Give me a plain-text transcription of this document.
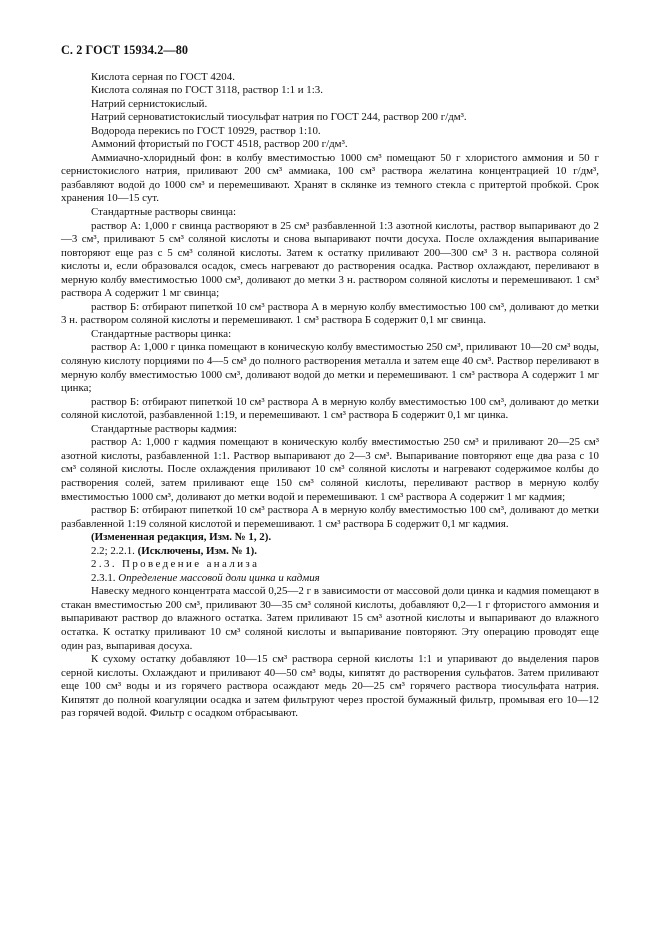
С. 2 ГОСТ 15934.2—80

Кислота серная по ГОСТ 4204.

Кислота соляная по ГОСТ 3118, раствор 1:1 и 1:3.

Натрий сернистокислый.

Натрий серноватистокислый тиосульфат натрия по ГОСТ 244, раствор 200 г/дм³.

Водорода перекись по ГОСТ 10929, раствор 1:10.

Аммоний фтористый по ГОСТ 4518, раствор 200 г/дм³.

Аммиачно-хлоридный фон: в колбу вместимостью 1000 см³ помещают 50 г хлористого аммония и 50 г сернистокислого натрия, приливают 200 см³ аммиака, 100 см³ раствора желатина концентрацией 10 г/дм³, разбавляют водой до 1000 см³ и перемешивают. Хранят в склянке из темного стекла с притертой пробкой. Срок хранения 10—15 сут.

Стандартные растворы свинца:

раствор А: 1,000 г свинца растворяют в 25 см³ разбавленной 1:3 азотной кислоты, раствор выпаривают до 2—3 см³, приливают 5 см³ соляной кислоты и снова выпаривают почти досуха. После охлаждения выпаривание повторяют еще раз с 5 см³ соляной кислоты. Затем к остатку приливают 200—300 см³ 3 н. раствора соляной кислоты и, если образовался осадок, смесь нагревают до растворения осадка. Раствор охлаждают, переливают в мерную колбу вместимостью 1000 см³, доливают до метки 3 н. раствором соляной кислоты и перемешивают. 1 см³ раствора А содержит 1 мг свинца;

раствор Б: отбирают пипеткой 10 см³ раствора А в мерную колбу вместимостью 100 см³, доливают до метки 3 н. раствором соляной кислоты и перемешивают. 1 см³ раствора Б содержит 0,1 мг свинца.

Стандартные растворы цинка:

раствор А: 1,000 г цинка помещают в коническую колбу вместимостью 250 см³, приливают 10—20 см³ воды, соляную кислоту порциями по 4—5 см³ до полного растворения металла и затем еще 40 см³. Раствор переливают в мерную колбу вместимостью 1000 см³, доливают водой до метки и перемешивают. 1 см³ раствора А содержит 1 мг цинка;

раствор Б: отбирают пипеткой 10 см³ раствора А в мерную колбу вместимостью 100 см³, доливают до метки соляной кислотой, разбавленной 1:19, и перемешивают. 1 см³ раствора Б содержит 0,1 мг цинка.

Стандартные растворы кадмия:

раствор А: 1,000 г кадмия помещают в коническую колбу вместимостью 250 см³ и приливают 20—25 см³ азотной кислоты, разбавленной 1:1. Раствор выпаривают до 2—3 см³. Выпаривание повторяют еще два раза с 10 см³ соляной кислоты. После охлаждения приливают 10 см³ соляной кислоты и нагревают содержимое колбы до растворения солей, затем приливают еще 150 см³ соляной кислоты, переливают раствор в мерную колбу вместимостью 1000 см³, доливают до метки водой и перемешивают. 1 см³ раствора А содержит 1 мг кадмия;

раствор Б: отбирают пипеткой 10 см³ раствора А в мерную колбу вместимостью 100 см³, доливают до метки разбавленной 1:19 соляной кислотой и перемешивают. 1 см³ раствора Б содержит 0,1 мг кадмия.

(Измененная редакция, Изм. № 1, 2).

2.2; 2.2.1. (Исключены, Изм. № 1).

2.3. Проведение анализа

2.3.1. Определение массовой доли цинка и кадмия

Навеску медного концентрата массой 0,25—2 г в зависимости от массовой доли цинка и кадмия помещают в стакан вместимостью 200 см³, приливают 30—35 см³ соляной кислоты, добавляют 0,2—1 г фтористого аммония и выпаривают раствор до влажного остатка. Затем приливают 15 см³ азотной кислоты и выпаривают до влажного остатка. К остатку приливают 10 см³ соляной кислоты и выпаривание повторяют. Эту операцию проводят еще один раз, выпаривая досуха.

К сухому остатку добавляют 10—15 см³ раствора серной кислоты 1:1 и упаривают до выделения паров серной кислоты. Охлаждают и приливают 40—50 см³ воды, кипятят до растворения сульфатов. Затем приливают еще 100 см³ воды и из горячего раствора осаждают медь 20—25 см³ горячего раствора тиосульфата натрия. Кипятят до полной коагуляции осадка и затем фильтруют через простой бумажный фильтр, промывая его 10—12 раз горячей водой. Фильтр с осадком отбрасывают.
